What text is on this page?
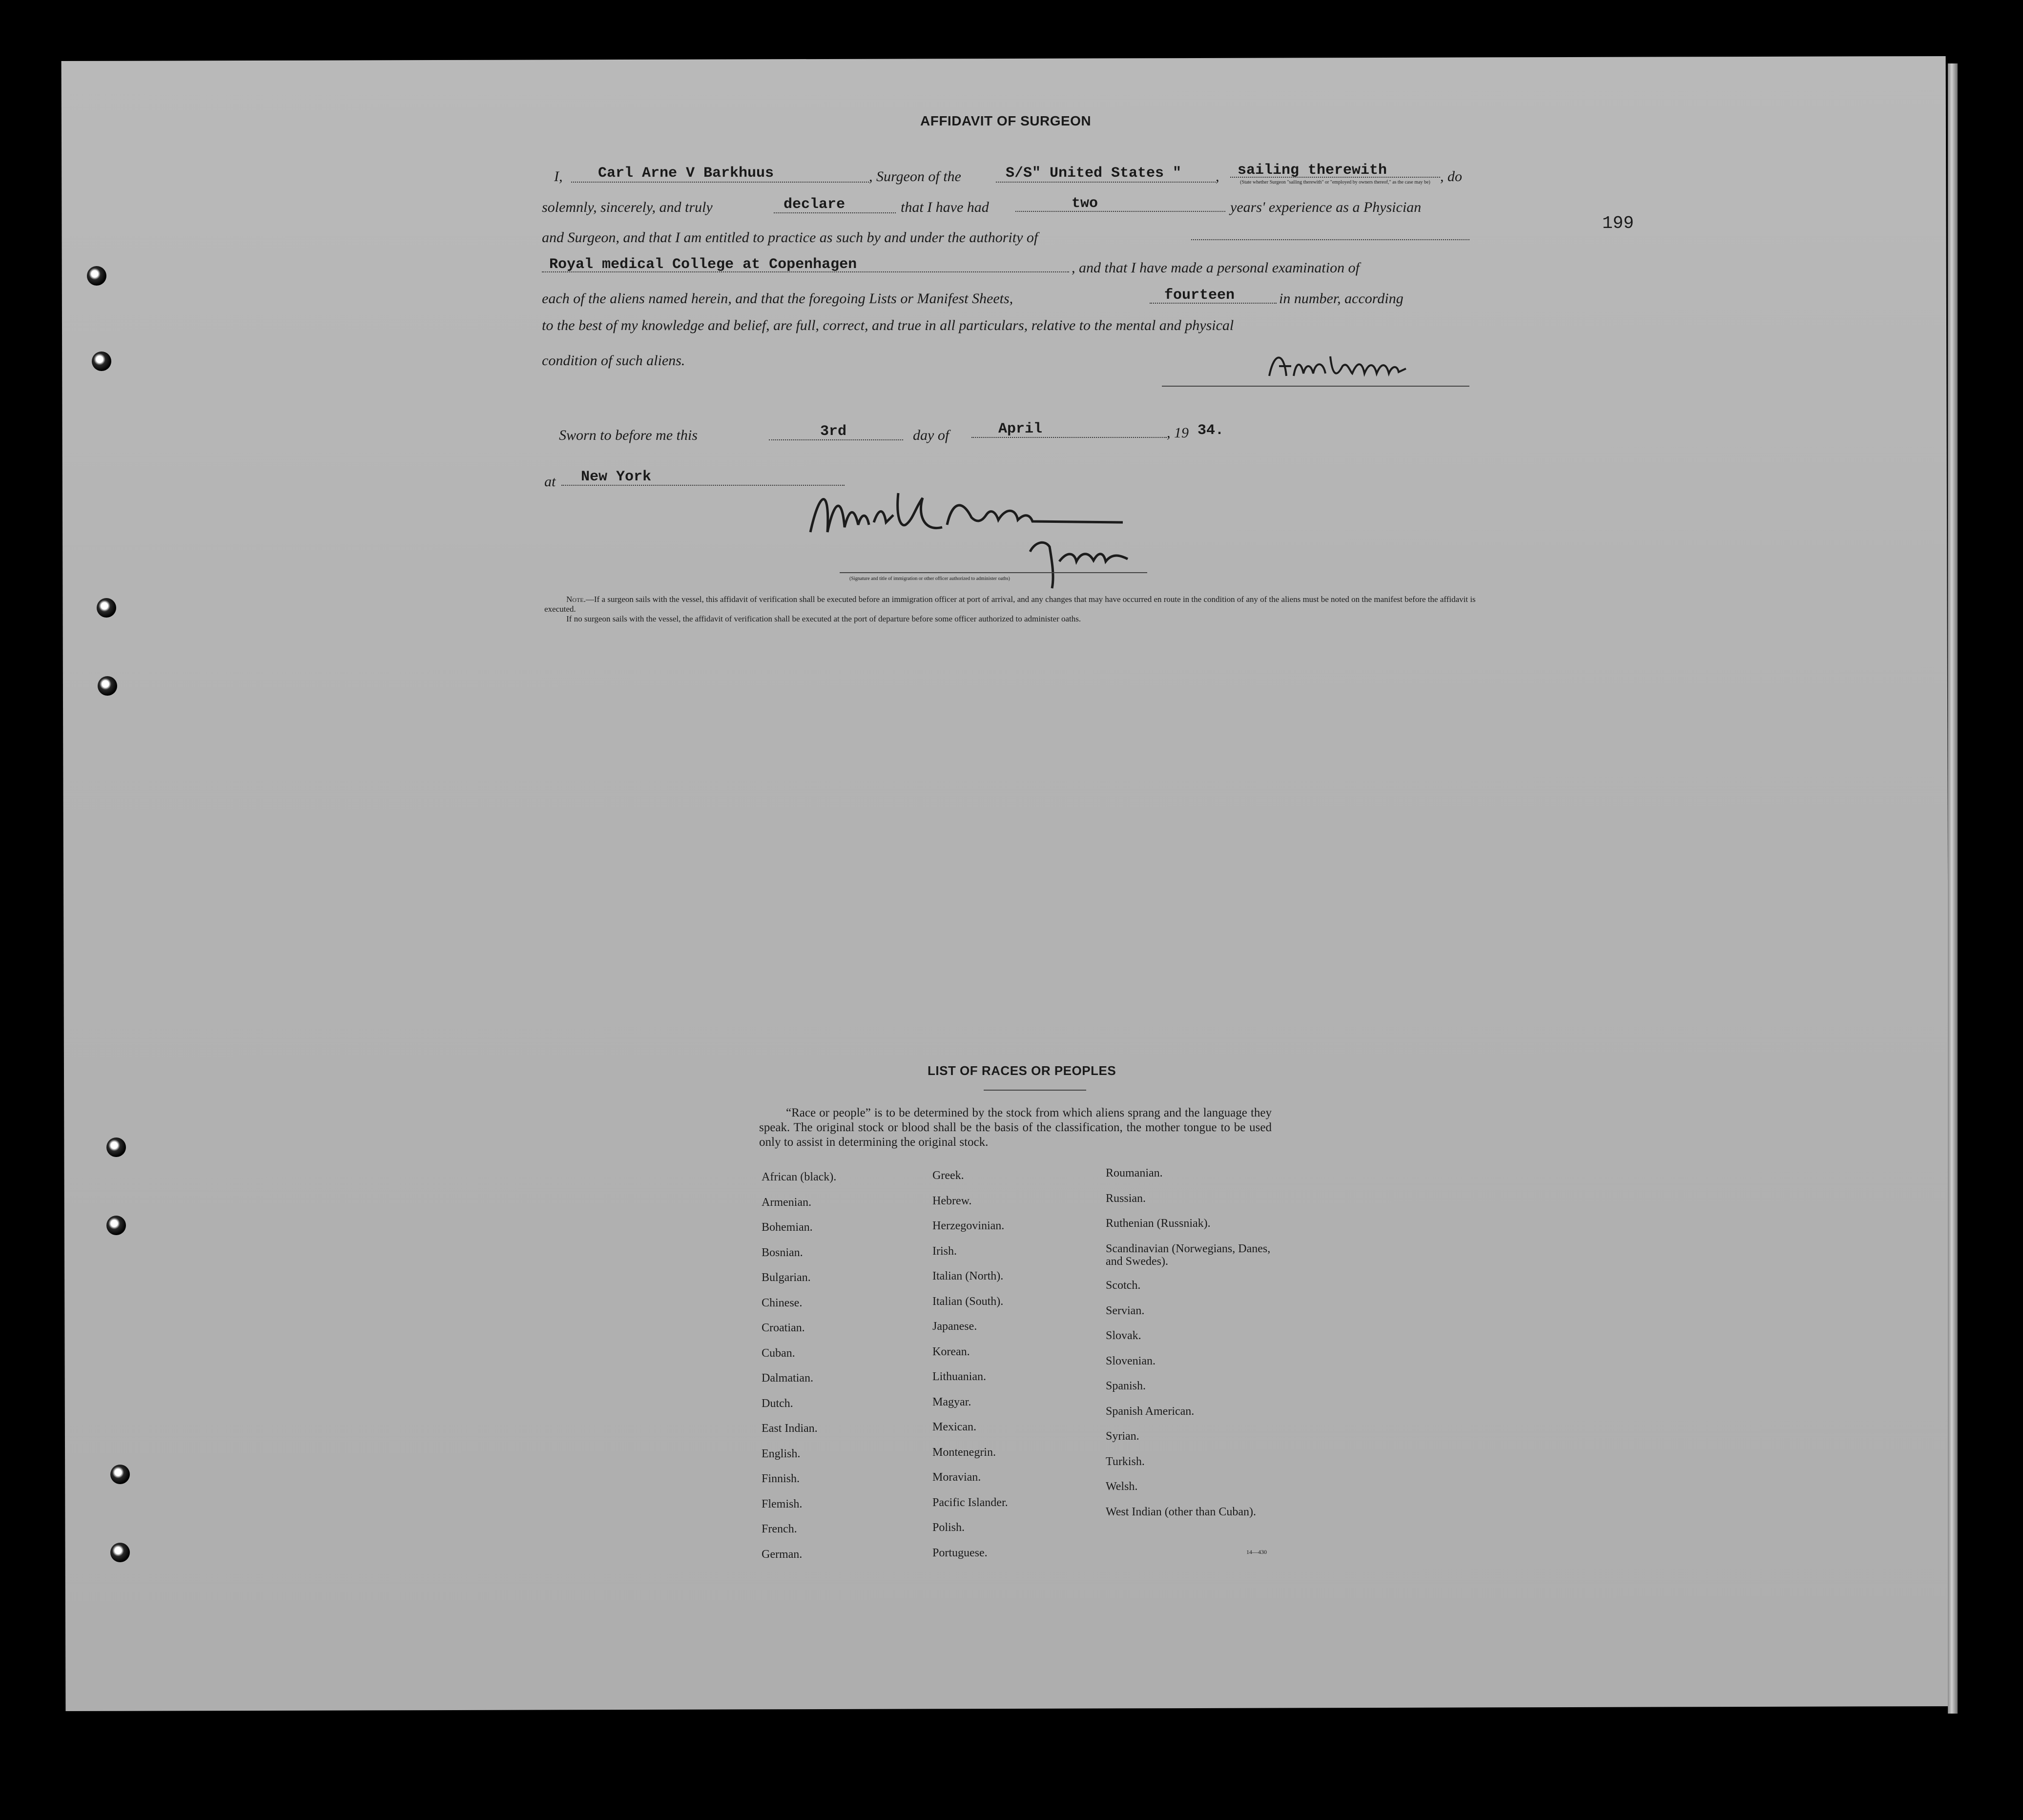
199
AFFIDAVIT OF SURGEON
I, Carl Arne V Barkhuus	, Surgeon of the	S/S" United States " , sailing therewith
(State whether Surgeon "sailing therewith" or "employed by owners thereof," as the case may be) , do
solemnly, sincerely, and truly	declare	that I have had	two	years' experience as a Physician
and Surgeon, and that I am entitled to practice as such by and under the authority of
Royal medical College at Copenhagen	, and that I have made a personal examination of
each of the aliens named herein, and that the foregoing Lists or Manifest Sheets,	fourteen	in number, according
to the best of my knowledge and belief, are full, correct, and true in all particulars, relative to the mental and physical
condition of such aliens.
Sworn to before me this	3rd	day of	April	, 19 34.
at New York
(Signature and title of immigration or other officer authorized to administer oaths)
Note.—If a surgeon sails with the vessel, this affidavit of verification shall be executed before an immigration officer at port of arrival, and any changes that may have occurred en route in the condition of any of the aliens must be noted on the manifest before the affidavit is executed.
If no surgeon sails with the vessel, the affidavit of verification shall be executed at the port of departure before some officer authorized to administer oaths.
LIST OF RACES OR PEOPLES
“Race or people” is to be determined by the stock from which aliens sprang and the language they speak. The original stock or blood shall be the basis of the classification, the mother tongue to be used only to assist in determining the original stock.
African (black).
Armenian.
Bohemian.
Bosnian.
Bulgarian.
Chinese.
Croatian.
Cuban.
Dalmatian.
Dutch.
East Indian.
English.
Finnish.
Flemish.
French.
German.
Greek.
Hebrew.
Herzegovinian.
Irish.
Italian (North).
Italian (South).
Japanese.
Korean.
Lithuanian.
Magyar.
Mexican.
Montenegrin.
Moravian.
Pacific Islander.
Polish.
Portuguese.
Roumanian.
Russian.
Ruthenian (Russniak).
Scandinavian (Norwegians, Danes, and Swedes).
Scotch.
Servian.
Slovak.
Slovenian.
Spanish.
Spanish American.
Syrian.
Turkish.
Welsh.
West Indian (other than Cuban).
14—430
